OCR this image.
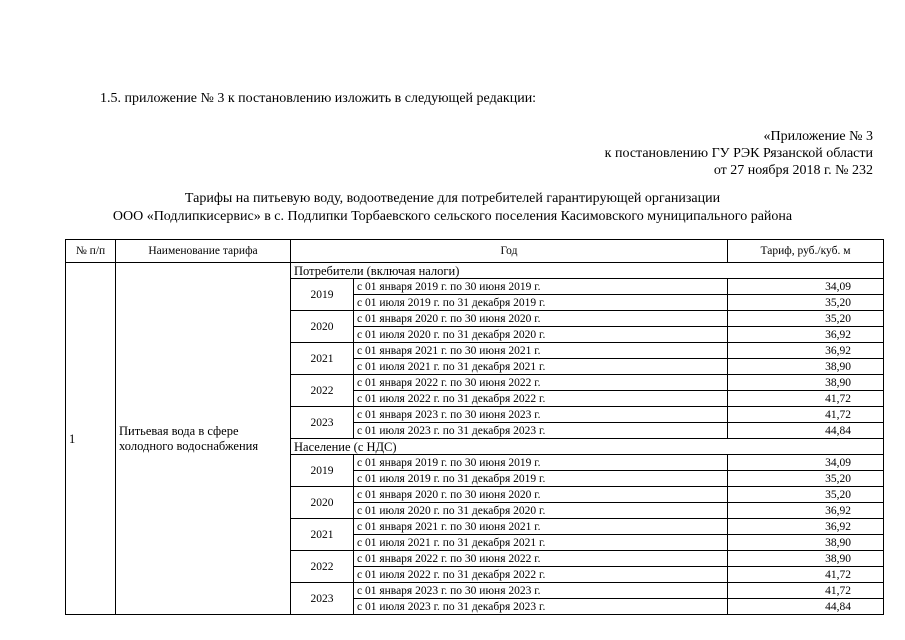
1.5. приложение № 3 к постановлению изложить в следующей редакции:
«Приложение № 3
к постановлению ГУ РЭК Рязанской области
от 27 ноября 2018 г. № 232
Тарифы на питьевую воду, водоотведение для потребителей гарантирующей организации
ООО «Подлипкисервис» в с. Подлипки Торбаевского сельского поселения Касимовского муниципального района
№ п/п	Наименование тарифа	Год		Тариф, руб./куб. м
1	Питьевая вода в сфере холодного водоснабжения	Потребители (включая налоги)		
		2019	с 01 января 2019 г. по 30 июня 2019 г.	34,09
			с 01 июля 2019 г. по 31 декабря 2019 г.	35,20
		2020	с 01 января 2020 г. по 30 июня 2020 г.	35,20
			с 01 июля 2020 г. по 31 декабря 2020 г.	36,92
		2021	с 01 января 2021 г. по 30 июня 2021 г.	36,92
			с 01 июля 2021 г. по 31 декабря 2021 г.	38,90
		2022	с 01 января 2022 г. по 30 июня 2022 г.	38,90
			с 01 июля 2022 г. по 31 декабря 2022 г.	41,72
		2023	с 01 января 2023 г. по 30 июня 2023 г.	41,72
			с 01 июля 2023 г. по 31 декабря 2023 г.	44,84
		Население (с НДС)		
		2019	с 01 января 2019 г. по 30 июня 2019 г.	34,09
			с 01 июля 2019 г. по 31 декабря 2019 г.	35,20
		2020	с 01 января 2020 г. по 30 июня 2020 г.	35,20
			с 01 июля 2020 г. по 31 декабря 2020 г.	36,92
		2021	с 01 января 2021 г. по 30 июня 2021 г.	36,92
			с 01 июля 2021 г. по 31 декабря 2021 г.	38,90
		2022	с 01 января 2022 г. по 30 июня 2022 г.	38,90
			с 01 июля 2022 г. по 31 декабря 2022 г.	41,72
		2023	с 01 января 2023 г. по 30 июня 2023 г.	41,72
			с 01 июля 2023 г. по 31 декабря 2023 г.	44,84
